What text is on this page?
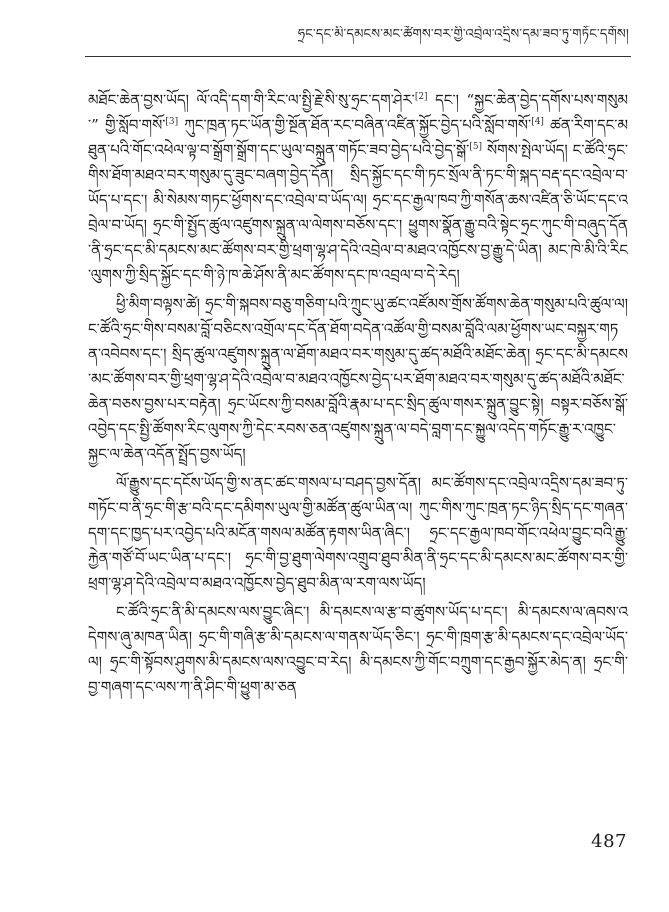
ཧྲང་དང་མི་དམངས་མང་ཚོགས་བར་གྱི་འབྲེལ་འདྲིས་དམ་ཟབ་ཏུ་གཏོང་དགོས།

མཐོང་ཆེན་བྱས་ཡོད། ལོ་འདི་དག་གི་རིང་ལ་སྤྱི་རྗེ་སི་སུ་ཧྲང་དག་ཤེར་[2] དང་། “སྐྱང་ཆེན་བྱེད་དགོས་པས་གསུམ་” གྱི་སློབ་གསོ་[3] ཀུང་ཁྲན་ཏང་ཡོན་གྱི་སྔོན་ཐོན་རང་བཞིན་འཛིན་སྐྱོང་བྱེད་པའི་སློབ་གསོ་[4] ཚན་རིག་དང་མཐུན་པའི་གོང་འཕེལ་ལྟ་བ་སྒྲོག་སྒྲོག་དང་ཡུལ་བསྐྲུན་གཏོང་ཟབ་བྱེད་པའི་བྱེད་སྒོ་[5] སོགས་སྤེལ་ཡོད། ང་ཚོའི་ཧྲང་གིས་ཐོག་མཐའ་བར་གསུམ་དུ་ཟུང་བཞག་བྱེད་དོན། སྲིད་སྐྱོང་དང་གི་ཏང་སྲོལ་ནི་ཏང་གི་སྐད་བརྡ་དང་འབྲེལ་བ་ཡོད་པ་དང་། མི་སེམས་གཏང་ཕྱོགས་དང་འབྲེལ་བ་ཡོད་ལ། ཧྲང་དང་རྒྱལ་ཁབ་ཀྱི་གསོན་ཆས་འཛིན་ཅི་ཡོང་དང་འབྲེལ་བ་ཡོད། ཧྲང་གི་སྤྱོད་ཚུལ་འཛུགས་སྐྲུན་ལ་ལེགས་བཅོས་དང་། ཕྱུགས་སྣོན་རྒྱུ་བའི་སྟེང་ཧྲང་ཀུང་གི་བཞུད་དོན་ནི་ཧྲང་དང་མི་དམངས་མང་ཚོགས་བར་གྱི་ཕྲག་ལྷ་ཤ་དེའི་འབྲེལ་བ་མཐའ་འཁྱོངས་བྱ་རྒྱུ་དེ་ཡིན། མང་ཁེ་མི་འི་རིང་ལུགས་ཀྱི་སྲིད་སྐྱོང་དང་གི་ཉེ་ཁ་ཆེ་ཤོས་ནི་མང་ཚོགས་དང་ཁ་འབྲལ་བ་དེ་རེད།

ཕྱི་མིག་བལྟས་ཚེ། ཧྲང་གི་སྐབས་བཅུ་གཅིག་པའི་ཀྲུང་ཡུ་ཚང་འཛོམས་གྲོས་ཚོགས་ཆེན་གསུམ་པའི་ཚུལ་ལ། ང་ཚོའི་ཧྲང་གིས་བསམ་བློ་བཅིངས་འགྲོལ་དང་དོན་ཐོག་བདེན་འཚོལ་གྱི་བསམ་བློའི་ལམ་ཕྱོགས་ཡང་བསྐྱར་གཏན་འབེབས་དང་། སྲིད་ཚུལ་འཛུགས་སྐྲུན་ལ་ཐོག་མཐའ་བར་གསུམ་དུ་ཚད་མཐོའི་མཐོང་ཆེན། ཧྲང་དང་མི་དམངས་མང་ཚོགས་བར་གྱི་ཕྲག་ལྷ་ཤ་དེའི་འབྲེལ་བ་མཐའ་འཁྱོངས་བྱེད་པར་ཐོག་མཐའ་བར་གསུམ་དུ་ཚད་མཐོའི་མཐོང་ཆེན་བཅས་བྱས་པར་བརྟེན། ཧྲང་ཡོངས་ཀྱི་བསམ་བློའི་རྣམ་པ་དང་སྲིད་ཚུལ་གསར་སྐྲུན་བྱུང་སྟེ། བསྟར་བཅོས་སྒོ་འབྱེད་དང་སྤྱི་ཚོགས་རིང་ལུགས་ཀྱི་དེང་རབས་ཅན་འཛུགས་སྐྲུན་ལ་བདེ་བླག་དང་སྐྱུལ་འདེད་གཏོང་རྒྱུ་ར་འཁྱུང་སྐྱང་ལ་ཆེན་འདོན་སྤྲོད་བྱས་ཡོད།

ལོ་རྒྱུས་དང་དངོས་ཡོད་གྱི་ས་ནང་ཚང་གསལ་པ་བཤད་བྱས་དོན། མང་ཚོགས་དང་འབྲེལ་འདྲིས་དམ་ཟབ་ཏུ་གཏོང་བ་ནི་ཧྲང་གི་རྩ་བའི་དང་དམིགས་ཡུལ་གྱི་མཚོན་ཚུལ་ཡིན་ལ། ཀུང་གིས་ཀུང་ཁྲན་ཏང་ཉིད་སྲིད་དང་གཞན་དག་དང་ཁྱད་པར་འབྱེད་པའི་མངོན་གསལ་མཚོན་རྟགས་ཡིན་ཞིང་། ཧྲང་དང་རྒྱལ་ཁབ་གོང་འཕེལ་བྱུང་བའི་རྒྱུ་རྐྱེན་གཙོ་བོ་ཡང་ཡིན་པ་དང་། ཧྲང་གི་བྱ་ཐུག་ལེགས་འགྲུབ་ཐུབ་མིན་ནི་ཧྲང་དང་མི་དམངས་མང་ཚོགས་བར་གྱི་ཕྲག་ལྷ་ཤ་དེའི་འབྲེལ་བ་མཐའ་འཁྱོངས་བྱེད་ཐུབ་མིན་ལ་རག་ལས་ཡོད།

ང་ཚོའི་ཧྲང་ནི་མི་དམངས་ལས་བྱུང་ཞིང་། མི་དམངས་ལ་རྩ་བ་ཚུགས་ཡོད་པ་དང་། མི་དམངས་ལ་ཞབས་འདེགས་ཞུ་མཁན་ཡིན། ཧྲང་གི་གཞི་རྩ་མི་དམངས་ལ་གནས་ཡོད་ཅིང་། ཧྲང་གི་ཁྲག་རྩ་མི་དམངས་དང་འབྲེལ་ཡོད་ལ། ཧྲང་གི་སྟོབས་ཤུགས་མི་དམངས་ལས་འབྱུང་བ་རེད། མི་དམངས་ཀྱི་གོང་བཀྲུག་དང་རྒྱབ་སྐྱོར་མེད་ན། ཧྲང་གི་བྱ་གཞག་དང་ལས་ཀ་ནི་ཤིང་གི་ཕྱུག་མ་ཅན

487
